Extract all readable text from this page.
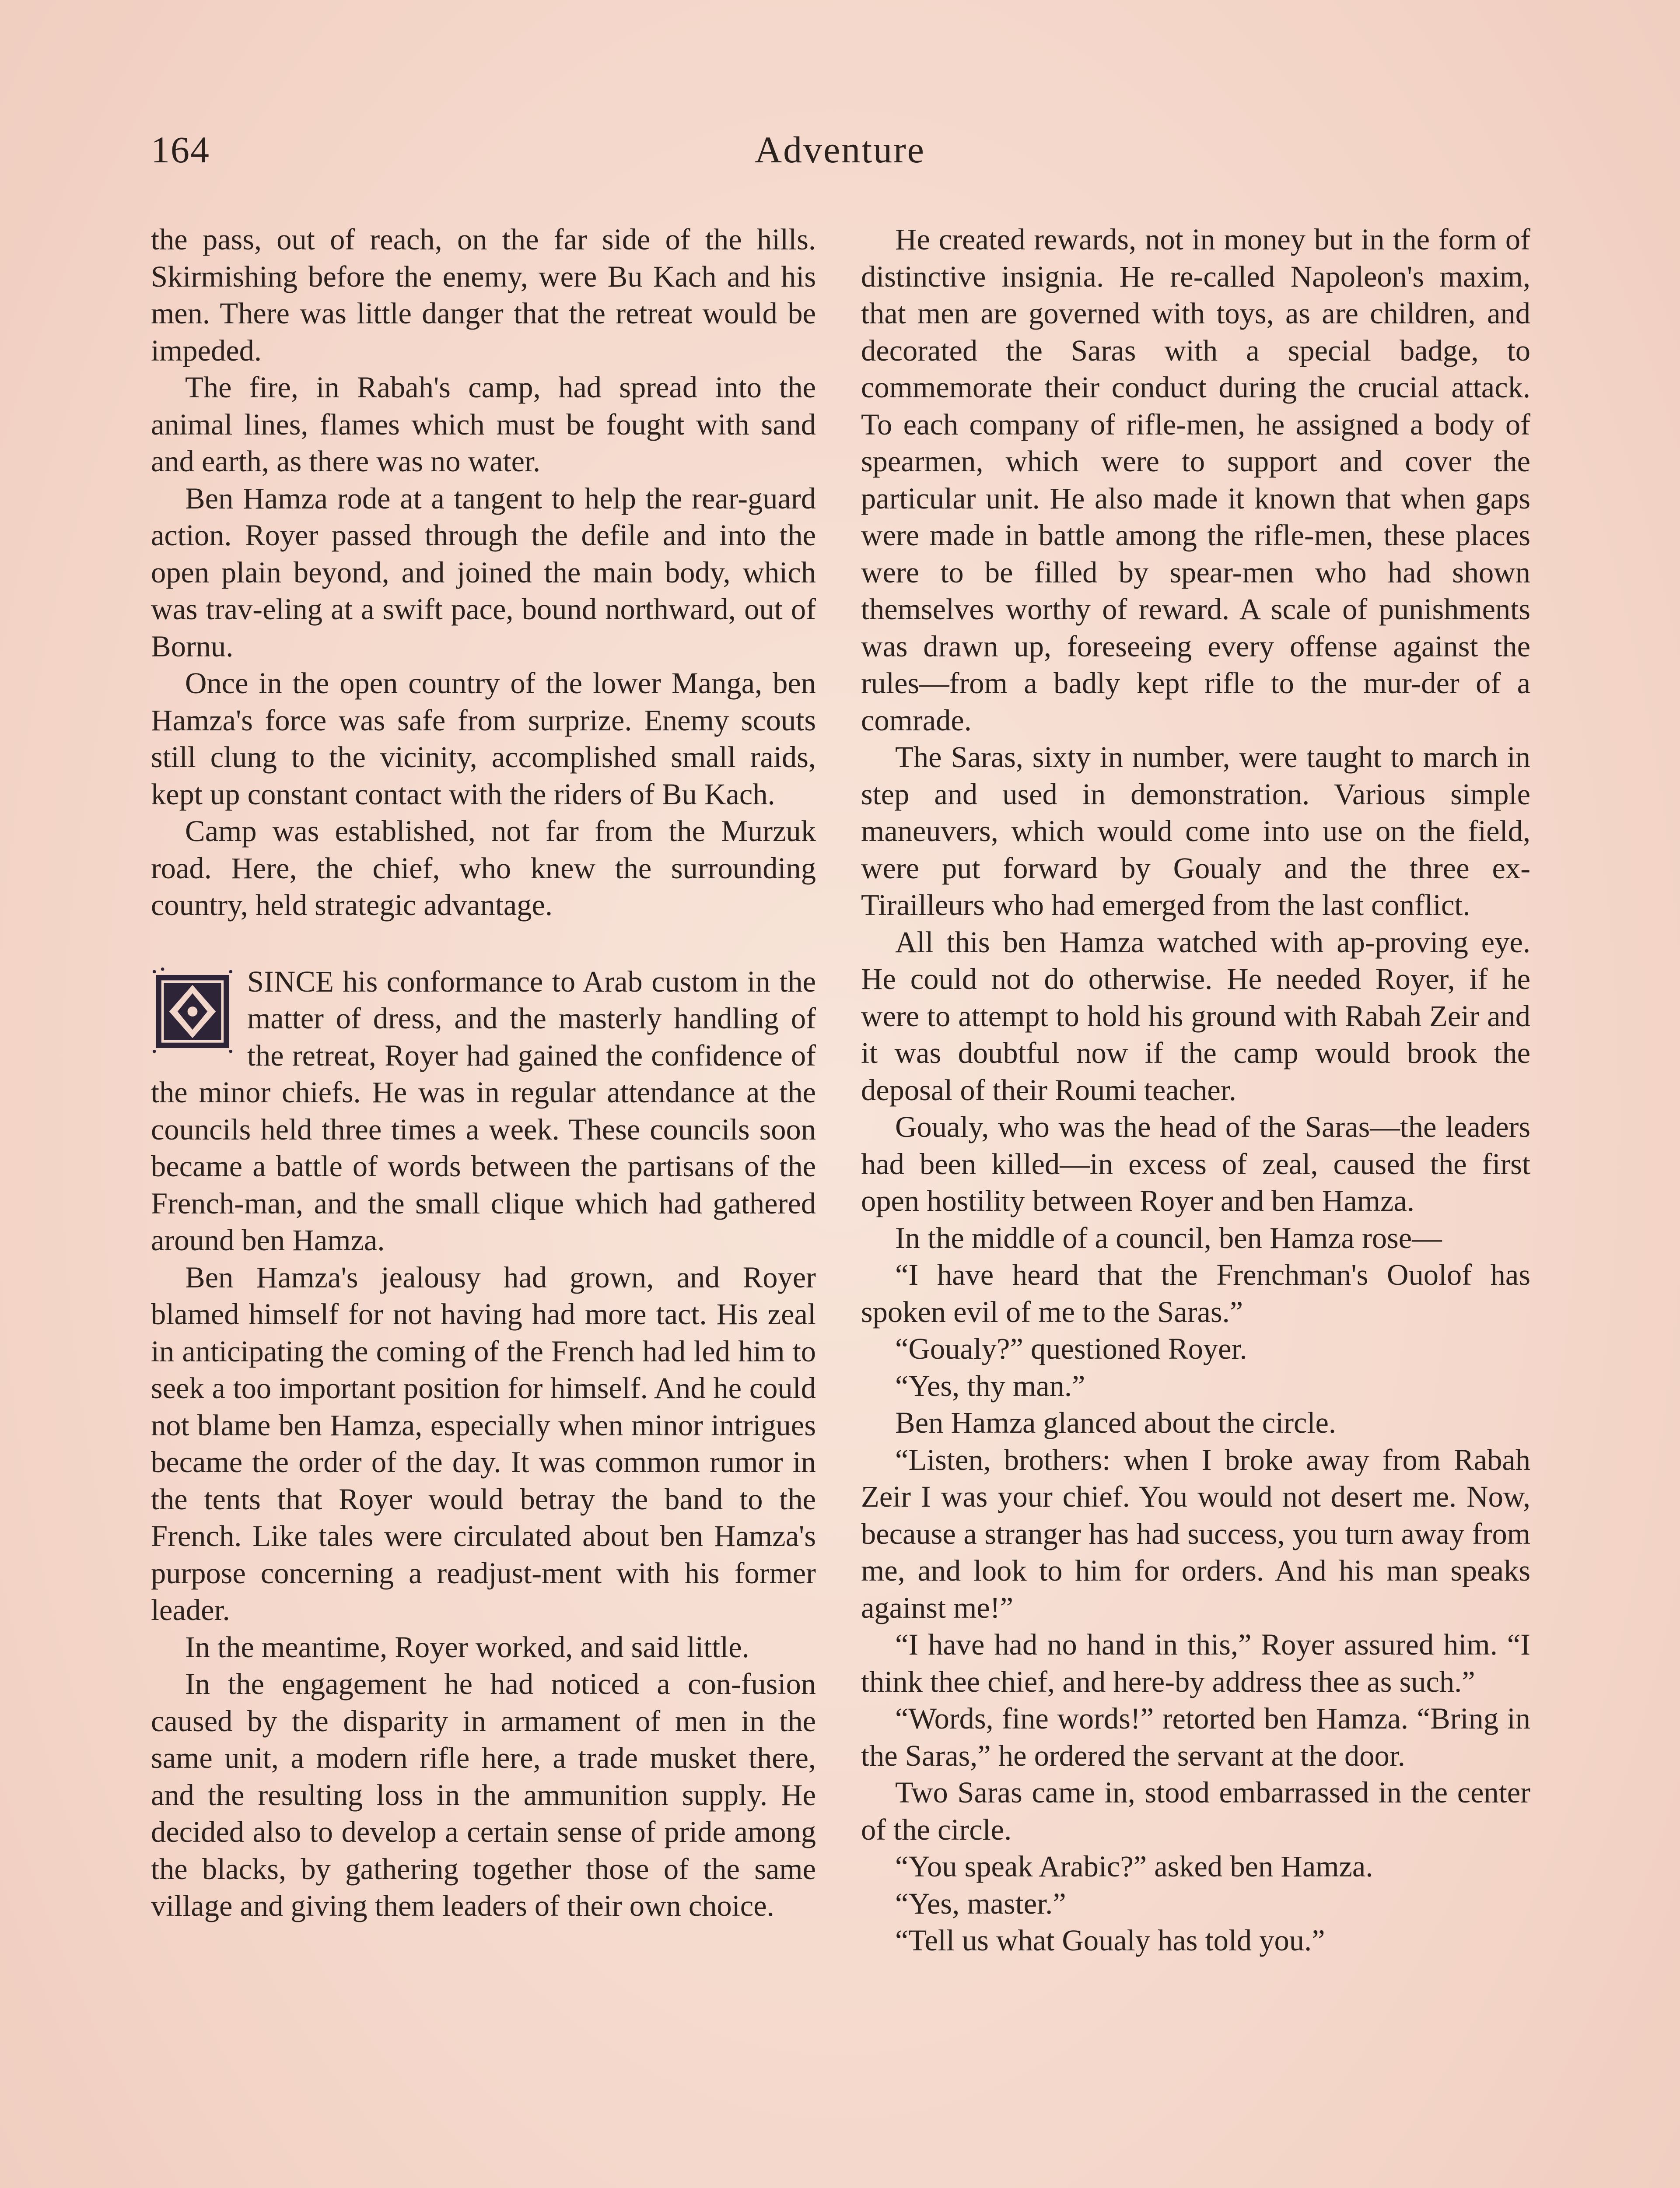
164	Adventure

the pass, out of reach, on the far side of the hills. Skirmishing before the enemy, were Bu Kach and his men. There was little danger that the retreat would be impeded.

The fire, in Rabah's camp, had spread into the animal lines, flames which must be fought with sand and earth, as there was no water.

Ben Hamza rode at a tangent to help the rear-guard action. Royer passed through the defile and into the open plain beyond, and joined the main body, which was trav-eling at a swift pace, bound northward, out of Bornu.

Once in the open country of the lower Manga, ben Hamza's force was safe from surprize. Enemy scouts still clung to the vicinity, accomplished small raids, kept up constant contact with the riders of Bu Kach.

Camp was established, not far from the Murzuk road. Here, the chief, who knew the surrounding country, held strategic advantage.

SINCE his conformance to Arab custom in the matter of dress, and the masterly handling of the retreat, Royer had gained the confidence of the minor chiefs. He was in regular attendance at the councils held three times a week. These councils soon became a battle of words between the partisans of the French-man, and the small clique which had gathered around ben Hamza.

Ben Hamza's jealousy had grown, and Royer blamed himself for not having had more tact. His zeal in anticipating the coming of the French had led him to seek a too important position for himself. And he could not blame ben Hamza, especially when minor intrigues became the order of the day. It was common rumor in the tents that Royer would betray the band to the French. Like tales were circulated about ben Hamza's purpose concerning a readjust-ment with his former leader.

In the meantime, Royer worked, and said little.

In the engagement he had noticed a con-fusion caused by the disparity in armament of men in the same unit, a modern rifle here, a trade musket there, and the resulting loss in the ammunition supply. He decided also to develop a certain sense of pride among the blacks, by gathering together those of the same village and giving them leaders of their own choice.

He created rewards, not in money but in the form of distinctive insignia. He re-called Napoleon's maxim, that men are governed with toys, as are children, and decorated the Saras with a special badge, to commemorate their conduct during the crucial attack. To each company of rifle-men, he assigned a body of spearmen, which were to support and cover the particular unit. He also made it known that when gaps were made in battle among the rifle-men, these places were to be filled by spear-men who had shown themselves worthy of reward. A scale of punishments was drawn up, foreseeing every offense against the rules—from a badly kept rifle to the mur-der of a comrade.

The Saras, sixty in number, were taught to march in step and used in demonstration. Various simple maneuvers, which would come into use on the field, were put forward by Goualy and the three ex-Tirailleurs who had emerged from the last conflict.

All this ben Hamza watched with ap-proving eye. He could not do otherwise. He needed Royer, if he were to attempt to hold his ground with Rabah Zeir and it was doubtful now if the camp would brook the deposal of their Roumi teacher.

Goualy, who was the head of the Saras—the leaders had been killed—in excess of zeal, caused the first open hostility between Royer and ben Hamza.

In the middle of a council, ben Hamza rose—

“I have heard that the Frenchman's Ouolof has spoken evil of me to the Saras.”

“Goualy?” questioned Royer.

“Yes, thy man.”

Ben Hamza glanced about the circle.

“Listen, brothers: when I broke away from Rabah Zeir I was your chief. You would not desert me. Now, because a stranger has had success, you turn away from me, and look to him for orders. And his man speaks against me!”

“I have had no hand in this,” Royer assured him. “I think thee chief, and here-by address thee as such.”

“Words, fine words!” retorted ben Hamza. “Bring in the Saras,” he ordered the servant at the door.

Two Saras came in, stood embarrassed in the center of the circle.

“You speak Arabic?” asked ben Hamza.

“Yes, master.”

“Tell us what Goualy has told you.”
